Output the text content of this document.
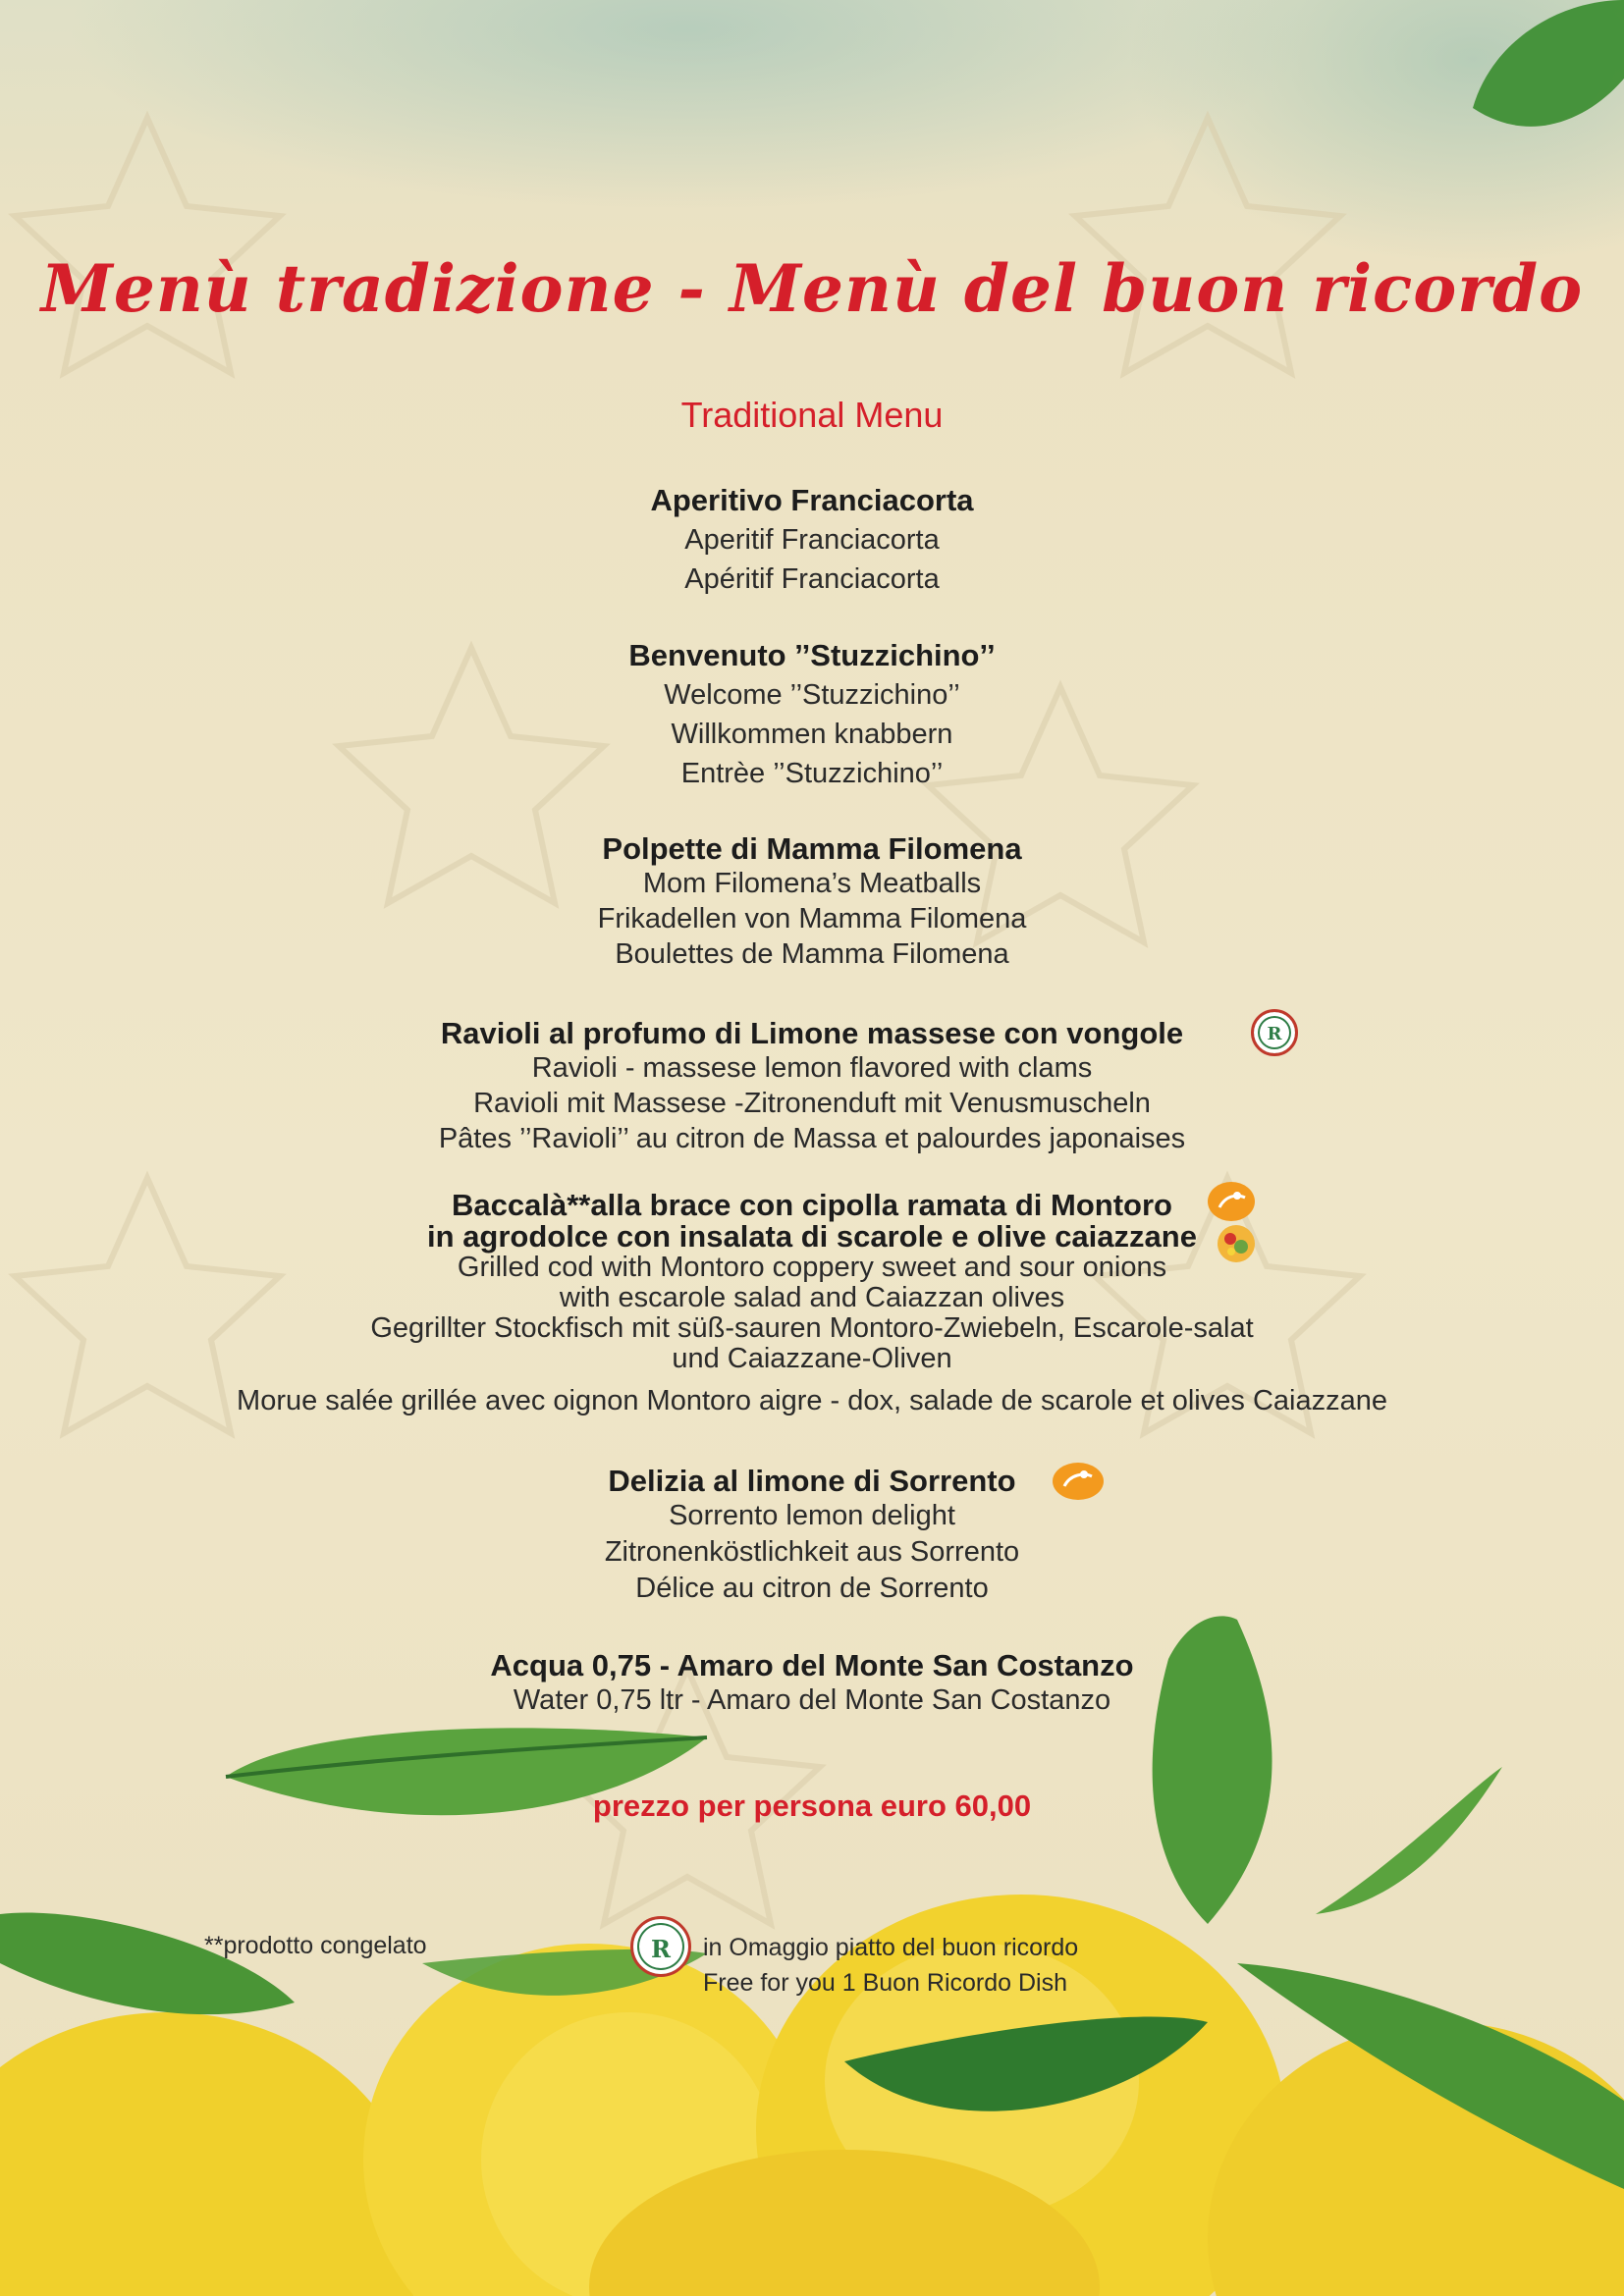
Menù tradizione - Menù del buon ricordo
Traditional Menu
Aperitivo Franciacorta
Aperitif Franciacorta
Apéritif Franciacorta
Benvenuto ’’Stuzzichino’’
Welcome ’’Stuzzichino’’
Willkommen knabbern
Entrèe ’’Stuzzichino’’
Polpette di Mamma Filomena
Mom Filomena’s Meatballs
Frikadellen von Mamma Filomena
Boulettes de Mamma Filomena
Ravioli al profumo di Limone massese con vongole
Ravioli - massese lemon flavored with clams
Ravioli mit Massese -Zitronenduft mit Venusmuscheln
Pâtes ’’Ravioli’’ au citron de Massa et palourdes japonaises
R
Baccalà**alla brace con cipolla ramata di Montoro
in agrodolce con insalata di scarole e olive caiazzane
Grilled cod with Montoro coppery sweet and sour onions
with escarole salad and Caiazzan olives
Gegrillter Stockfisch mit süß-sauren Montoro-Zwiebeln, Escarole-salat
und Caiazzane-Oliven
Morue salée grillée avec oignon Montoro aigre - dox, salade de scarole et olives Caiazzane
Delizia al limone di Sorrento
Sorrento lemon delight
Zitronenköstlichkeit aus Sorrento
Délice au citron de Sorrento
Acqua 0,75 - Amaro del Monte San Costanzo
Water 0,75 ltr - Amaro del Monte San Costanzo
prezzo per persona euro 60,00
**prodotto congelato	R	in Omaggio piatto del buon ricordo
Free for you 1 Buon Ricordo Dish
